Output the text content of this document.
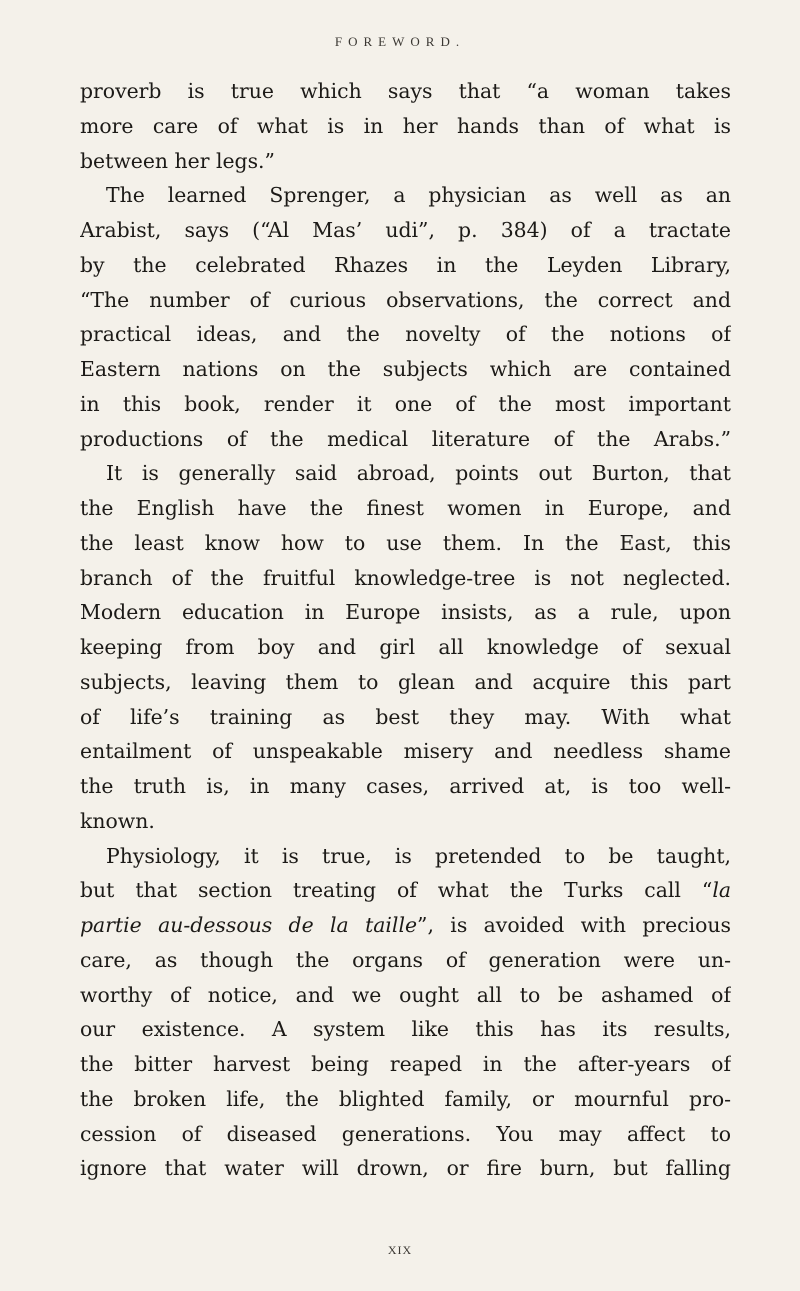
FOREWORD.
proverb is true which says that “a woman takes
more care of what is in her hands than of what is
between her legs.”
The learned Sprenger, a physician as well as an
Arabist, says (“Al Mas’ udi”, p. 384) of a tractate
by the celebrated Rhazes in the Leyden Library,
“The number of curious observations, the correct and
practical ideas, and the novelty of the notions of
Eastern nations on the subjects which are contained
in this book, render it one of the most important
productions of the medical literature of the Arabs.”
It is generally said abroad, points out Burton, that
the English have the finest women in Europe, and
the least know how to use them. In the East, this
branch of the fruitful knowledge-tree is not neglected.
Modern education in Europe insists, as a rule, upon
keeping from boy and girl all knowledge of sexual
subjects, leaving them to glean and acquire this part
of life’s training as best they may. With what
entailment of unspeakable misery and needless shame
the truth is, in many cases, arrived at, is too well-
known.
Physiology, it is true, is pretended to be taught,
but that section treating of what the Turks call “la
partie au-dessous de la taille”, is avoided with precious
care, as though the organs of generation were un-
worthy of notice, and we ought all to be ashamed of
our existence. A system like this has its results,
the bitter harvest being reaped in the after-years of
the broken life, the blighted family, or mournful pro-
cession of diseased generations. You may affect to
ignore that water will drown, or fire burn, but falling
XIX
